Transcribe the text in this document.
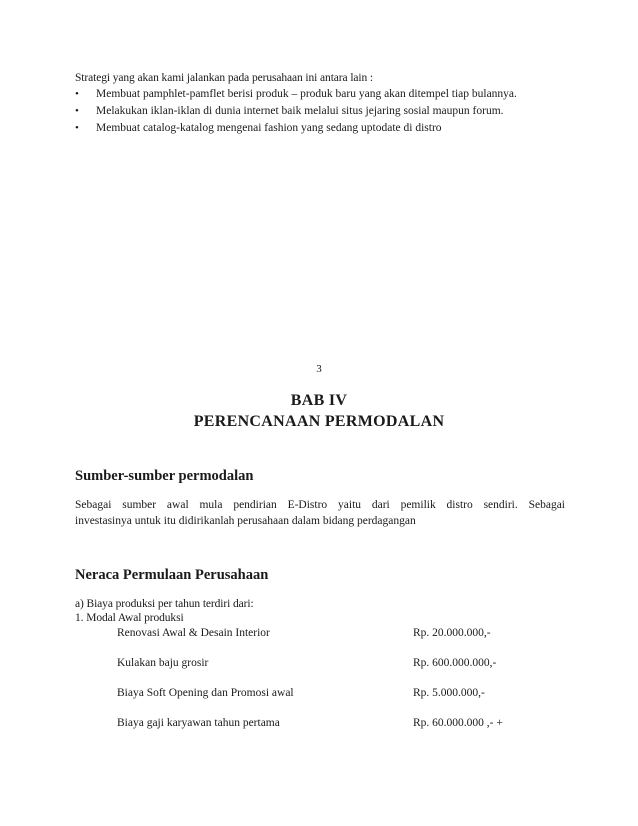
Strategi yang akan kami jalankan pada perusahaan ini antara lain :
• Membuat pamphlet-pamflet berisi produk – produk baru yang akan ditempel tiap bulannya.
• Melakukan iklan-iklan di dunia internet baik melalui situs jejaring sosial maupun forum.
• Membuat catalog-katalog mengenai fashion yang sedang uptodate di distro
3
BAB IV
PERENCANAAN PERMODALAN
Sumber-sumber permodalan

Sebagai sumber awal mula pendirian E-Distro yaitu dari pemilik distro sendiri. Sebagai

investasinya untuk itu didirikanlah perusahaan dalam bidang perdagangan

Neraca Permulaan Perusahaan
a) Biaya produksi per tahun terdiri dari:
1. Modal Awal produksi
Renovasi Awal & Desain Interior	Rp. 20.000.000,-
Kulakan baju grosir	Rp. 600.000.000,-
Biaya Soft Opening dan Promosi awal	Rp. 5.000.000,-
Biaya gaji karyawan tahun pertama	Rp. 60.000.000 ,- +
